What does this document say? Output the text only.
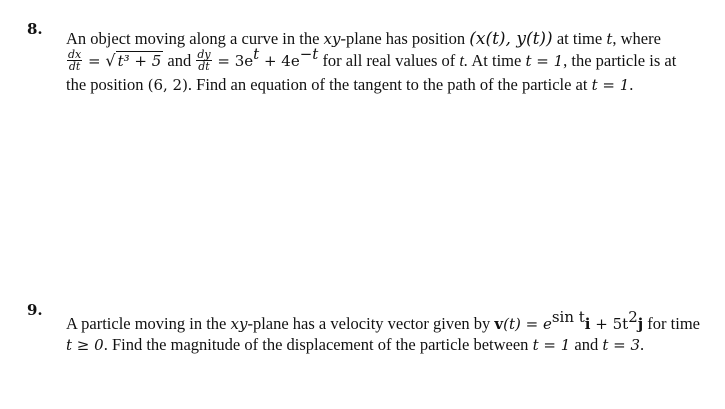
8. An object moving along a curve in the xy-plane has position (x(t), y(t)) at time t, where
$\frac{dx}{dt}$ = √ t³ + 5 and $\frac{dy}{dt} = 3e^t + 4e^{-t}$ for all real values of t. At time t = 1, the particle is at
the position (6, 2). Find an equation of the tangent to the path of the particle at t = 1.
9.
A particle moving in the xy-plane has a velocity vector given by $v(t) = e^{sin t}i + 5t^2j$ for time
t ≥ 0. Find the magnitude of the displacement of the particle between t = 1 and t = 3.
